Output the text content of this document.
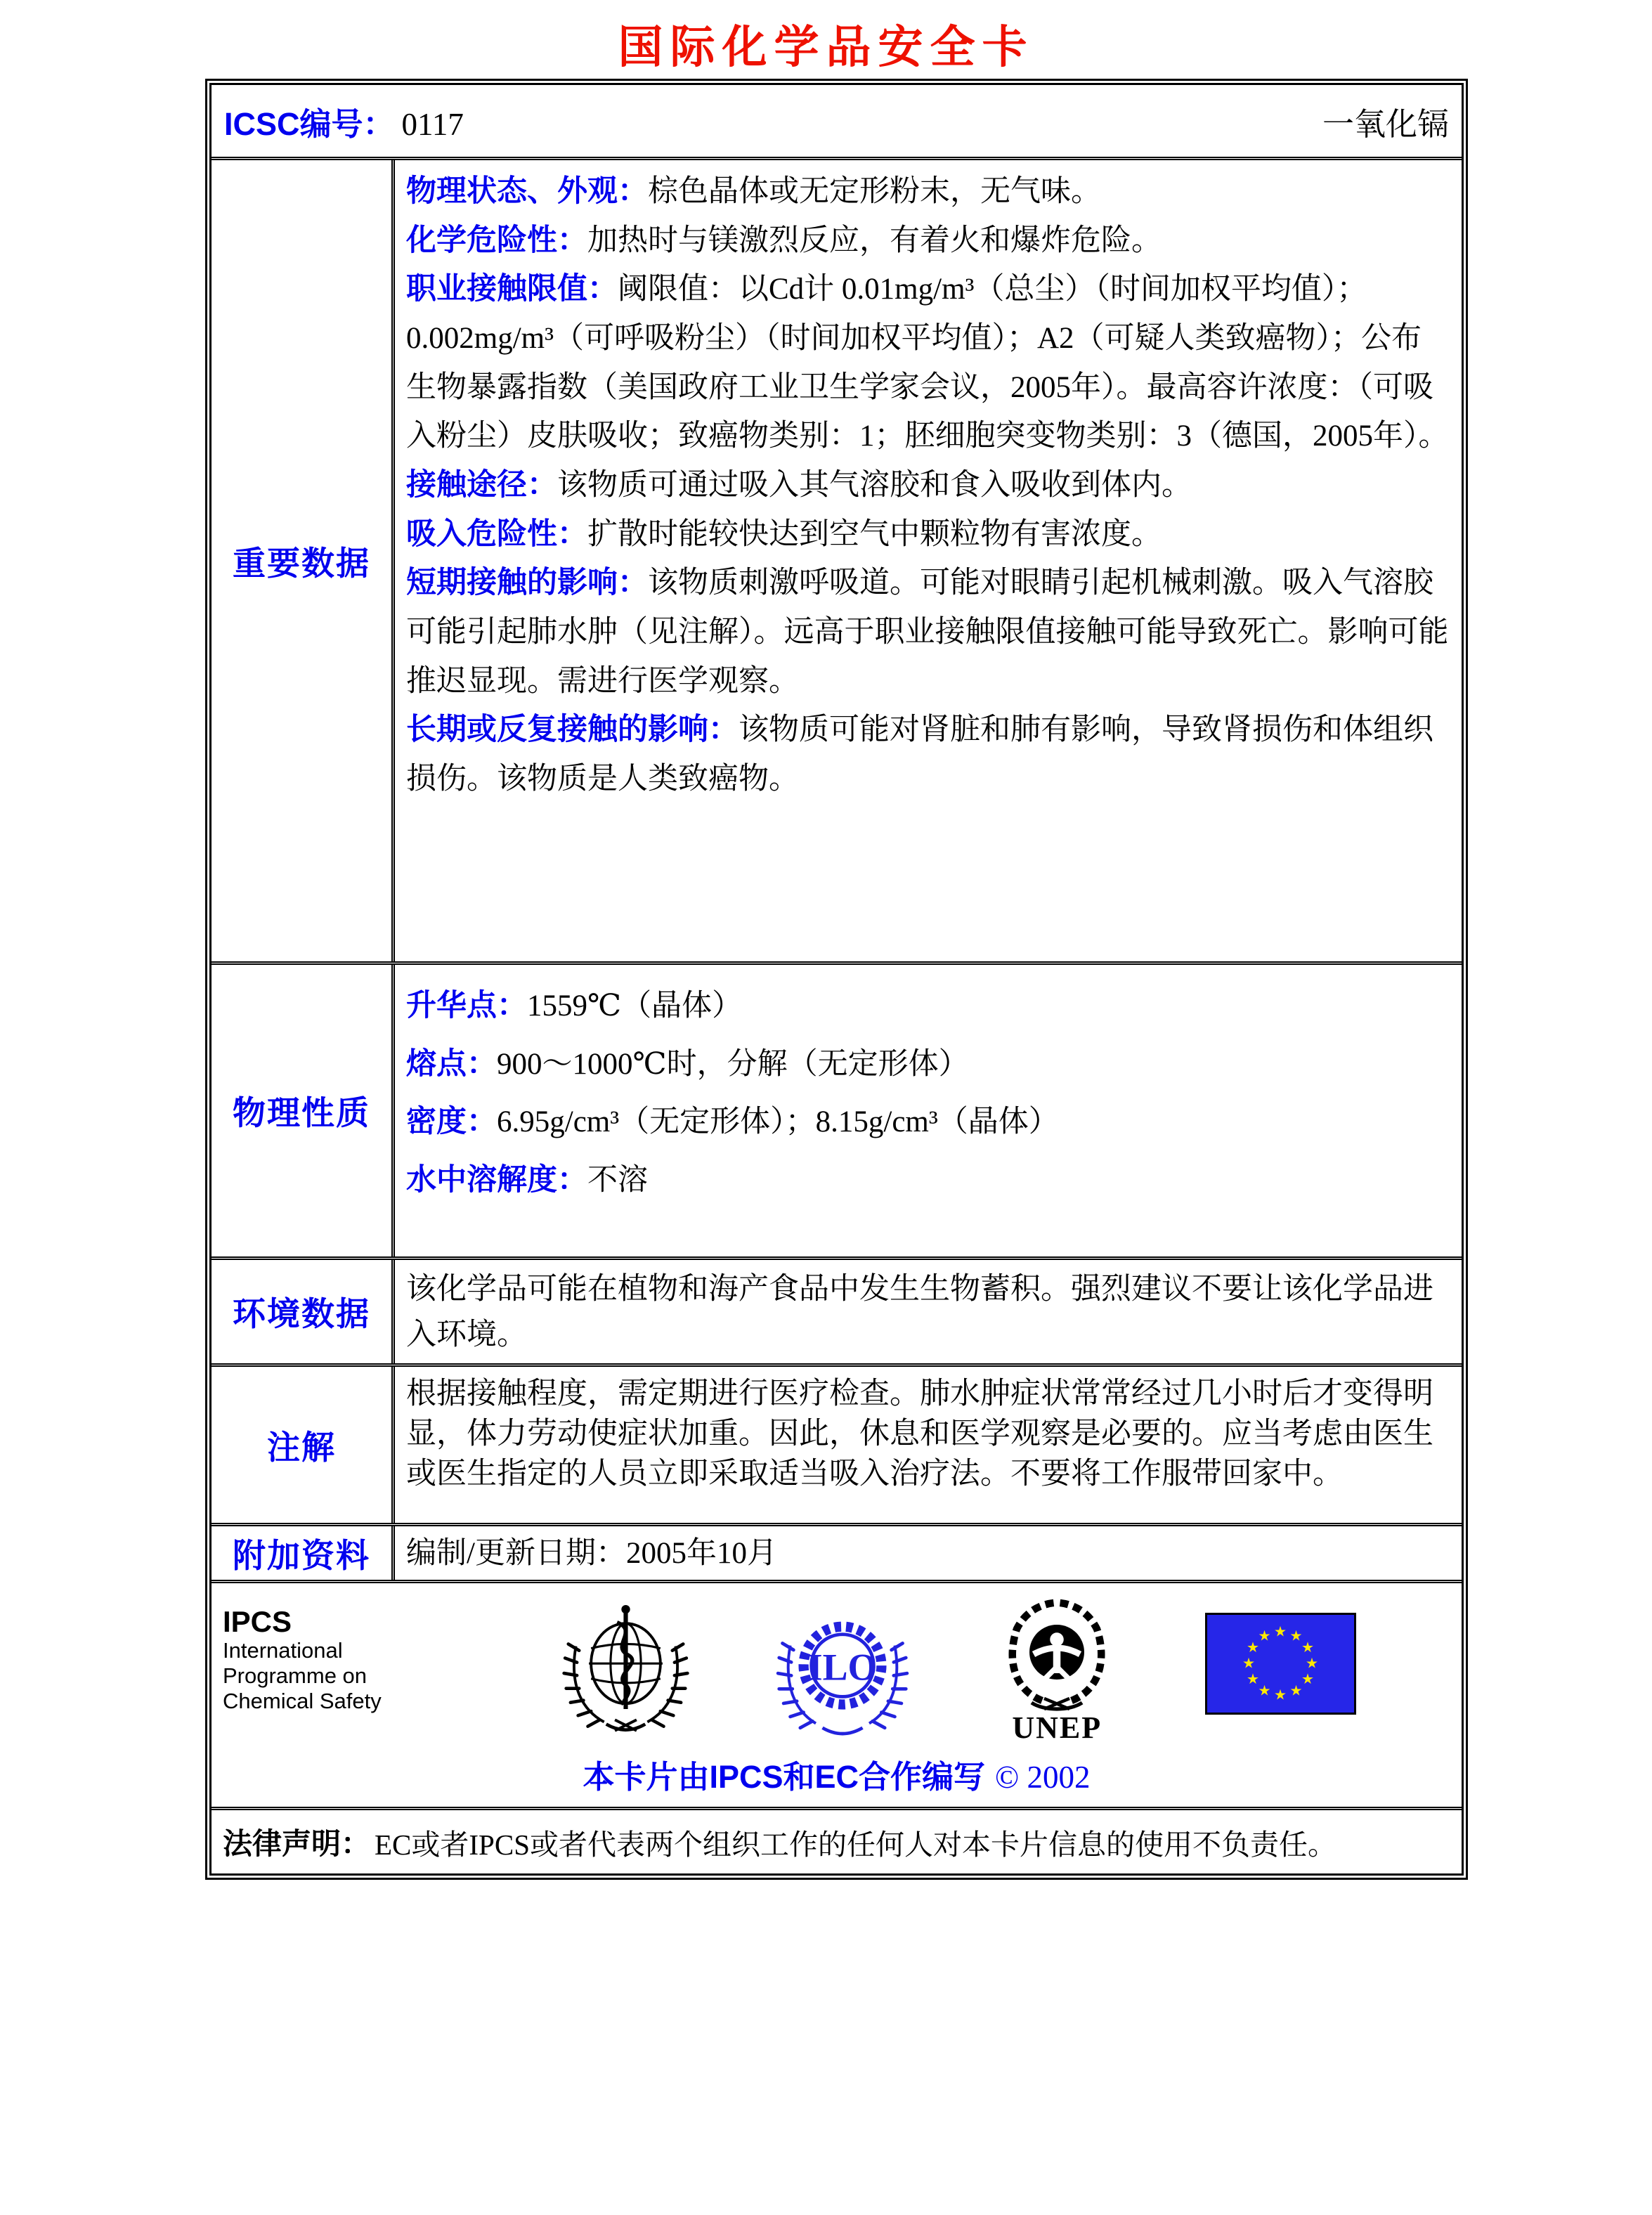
国际化学品安全卡
ICSC编号： 0117	一氧化镉
重要数据

物理状态、外观：棕色晶体或无定形粉末，无气味。

化学危险性：加热时与镁激烈反应，有着火和爆炸危险。

职业接触限值：阈限值：以Cd计 0.01mg/m³（总尘）（时间加权平均值）；0.002mg/m³（可呼吸粉尘）（时间加权平均值）；A2（可疑人类致癌物）；公布生物暴露指数（美国政府工业卫生学家会议，2005年）。最高容许浓度：（可吸入粉尘）皮肤吸收；致癌物类别：1；胚细胞突变物类别：3（德国，2005年）。

接触途径：该物质可通过吸入其气溶胶和食入吸收到体内。

吸入危险性：扩散时能较快达到空气中颗粒物有害浓度。

短期接触的影响：该物质刺激呼吸道。可能对眼睛引起机械刺激。吸入气溶胶可能引起肺水肿（见注解）。远高于职业接触限值接触可能导致死亡。影响可能推迟显现。需进行医学观察。

长期或反复接触的影响：该物质可能对肾脏和肺有影响，导致肾损伤和体组织损伤。该物质是人类致癌物。

物理性质

升华点：1559℃（晶体）

熔点：900～1000℃时，分解（无定形体）

密度：6.95g/cm³（无定形体）；8.15g/cm³（晶体）

水中溶解度：不溶

环境数据

该化学品可能在植物和海产食品中发生生物蓄积。强烈建议不要让该化学品进入环境。

注解

根据接触程度，需定期进行医疗检查。肺水肿症状常常经过几小时后才变得明显，体力劳动使症状加重。因此，休息和医学观察是必要的。应当考虑由医生或医生指定的人员立即采取适当吸入治疗法。不要将工作服带回家中。

附加资料	编制/更新日期：2005年10月

IPCS
International
Programme on
Chemical Safety
ILO
UNEP
本卡片由IPCS和EC合作编写 © 2002
法律声明： EC或者IPCS或者代表两个组织工作的任何人对本卡片信息的使用不负责任。
